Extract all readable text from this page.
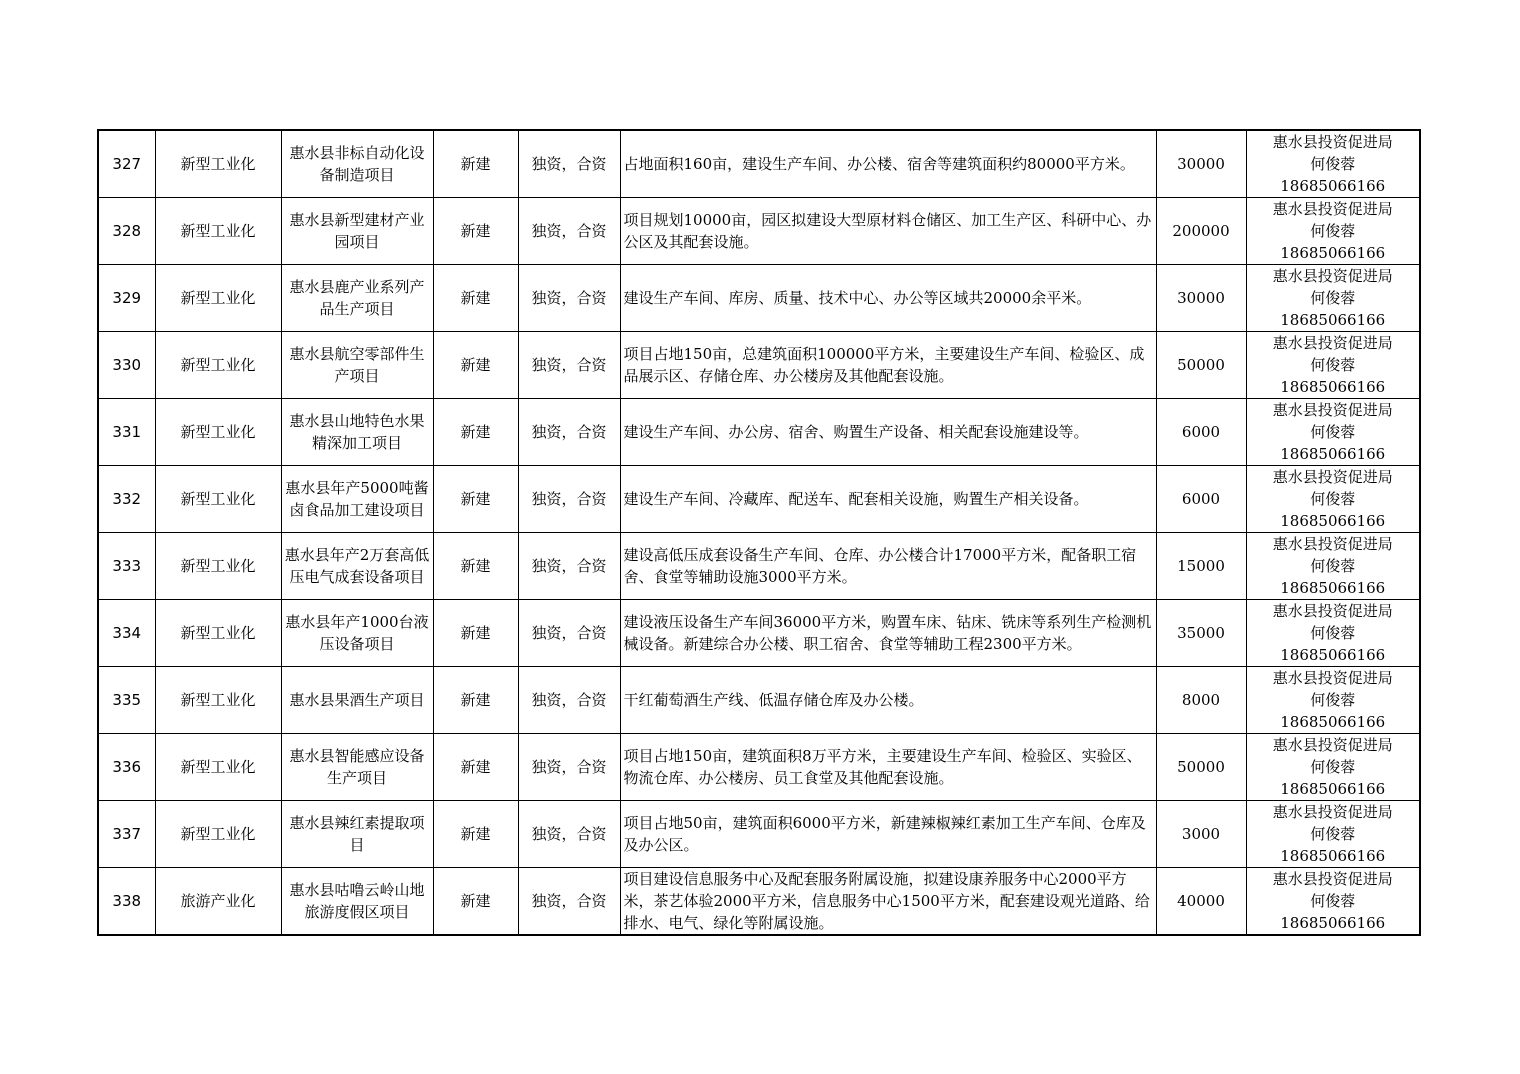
327	新型工业化	惠水县非标自动化设备制造项目	新建	独资，合资	占地面积160亩，建设生产车间、办公楼、宿舍等建筑面积约80000平方米。	30000	惠水县投资促进局
何俊蓉
18685066166

328	新型工业化	惠水县新型建材产业园项目	新建	独资，合资	项目规划10000亩，园区拟建设大型原材料仓储区、加工生产区、科研中心、办公区及其配套设施。	200000	惠水县投资促进局
何俊蓉
18685066166

329	新型工业化	惠水县鹿产业系列产品生产项目	新建	独资，合资	建设生产车间、库房、质量、技术中心、办公等区域共20000余平米。	30000	惠水县投资促进局
何俊蓉
18685066166

330	新型工业化	惠水县航空零部件生产项目	新建	独资，合资	项目占地150亩，总建筑面积100000平方米，主要建设生产车间、检验区、成品展示区、存储仓库、办公楼房及其他配套设施。	50000	惠水县投资促进局
何俊蓉
18685066166

331	新型工业化	惠水县山地特色水果精深加工项目	新建	独资，合资	建设生产车间、办公房、宿舍、购置生产设备、相关配套设施建设等。	6000	惠水县投资促进局
何俊蓉
18685066166

332	新型工业化	惠水县年产5000吨酱卤食品加工建设项目	新建	独资，合资	建设生产车间、冷藏库、配送车、配套相关设施，购置生产相关设备。	6000	惠水县投资促进局
何俊蓉
18685066166

333	新型工业化	惠水县年产2万套高低压电气成套设备项目	新建	独资，合资	建设高低压成套设备生产车间、仓库、办公楼合计17000平方米，配备职工宿舍、食堂等辅助设施3000平方米。	15000	惠水县投资促进局
何俊蓉
18685066166

334	新型工业化	惠水县年产1000台液压设备项目	新建	独资，合资	建设液压设备生产车间36000平方米，购置车床、钻床、铣床等系列生产检测机械设备。新建综合办公楼、职工宿舍、食堂等辅助工程2300平方米。	35000	惠水县投资促进局
何俊蓉
18685066166

335	新型工业化	惠水县果酒生产项目	新建	独资，合资	干红葡萄酒生产线、低温存储仓库及办公楼。	8000	惠水县投资促进局
何俊蓉
18685066166

336	新型工业化	惠水县智能感应设备生产项目	新建	独资，合资	项目占地150亩，建筑面积8万平方米，主要建设生产车间、检验区、实验区、物流仓库、办公楼房、员工食堂及其他配套设施。	50000	惠水县投资促进局
何俊蓉
18685066166

337	新型工业化	惠水县辣红素提取项目	新建	独资，合资	项目占地50亩，建筑面积6000平方米，新建辣椒辣红素加工生产车间、仓库及及办公区。	3000	惠水县投资促进局
何俊蓉
18685066166

338	旅游产业化	惠水县咕噜云岭山地旅游度假区项目	新建	独资，合资	项目建设信息服务中心及配套服务附属设施，拟建设康养服务中心2000平方米，茶艺体验2000平方米，信息服务中心1500平方米，配套建设观光道路、给排水、电气、绿化等附属设施。	40000	惠水县投资促进局
何俊蓉
18685066166
